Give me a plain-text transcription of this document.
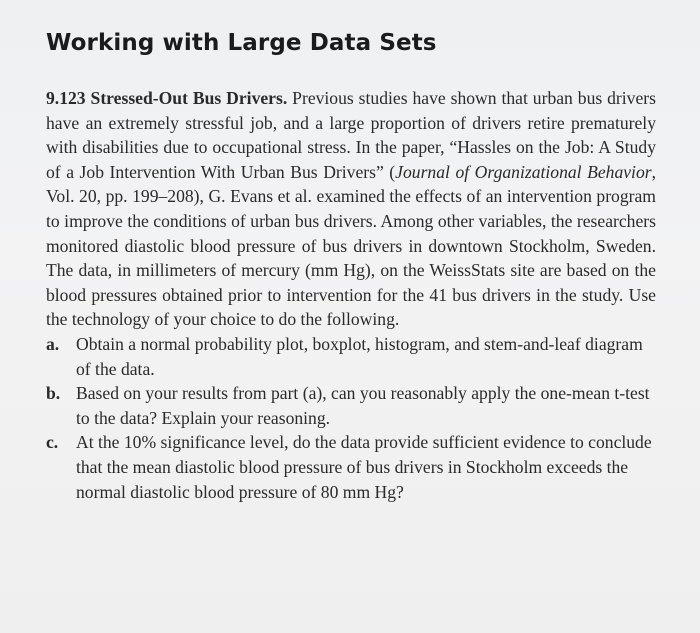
Working with Large Data Sets

9.123 Stressed-Out Bus Drivers. Previous studies have shown that urban bus drivers have an extremely stressful job, and a large proportion of drivers retire prematurely with disabilities due to occupational stress. In the paper, “Hassles on the Job: A Study of a Job Intervention With Urban Bus Drivers” (Journal of Organizational Behavior, Vol. 20, pp. 199–208), G. Evans et al. examined the effects of an intervention program to improve the conditions of urban bus drivers. Among other variables, the researchers monitored diastolic blood pressure of bus drivers in downtown Stockholm, Sweden. The data, in millimeters of mercury (mm Hg), on the WeissStats site are based on the blood pressures obtained prior to intervention for the 41 bus drivers in the study. Use the technology of your choice to do the following.

a. Obtain a normal probability plot, boxplot, histogram, and stem-and-leaf diagram of the data.
b. Based on your results from part (a), can you reasonably apply the one-mean t-test to the data? Explain your reasoning.
c. At the 10% significance level, do the data provide sufficient evidence to conclude that the mean diastolic blood pressure of bus drivers in Stockholm exceeds the normal diastolic blood pressure of 80 mm Hg?
